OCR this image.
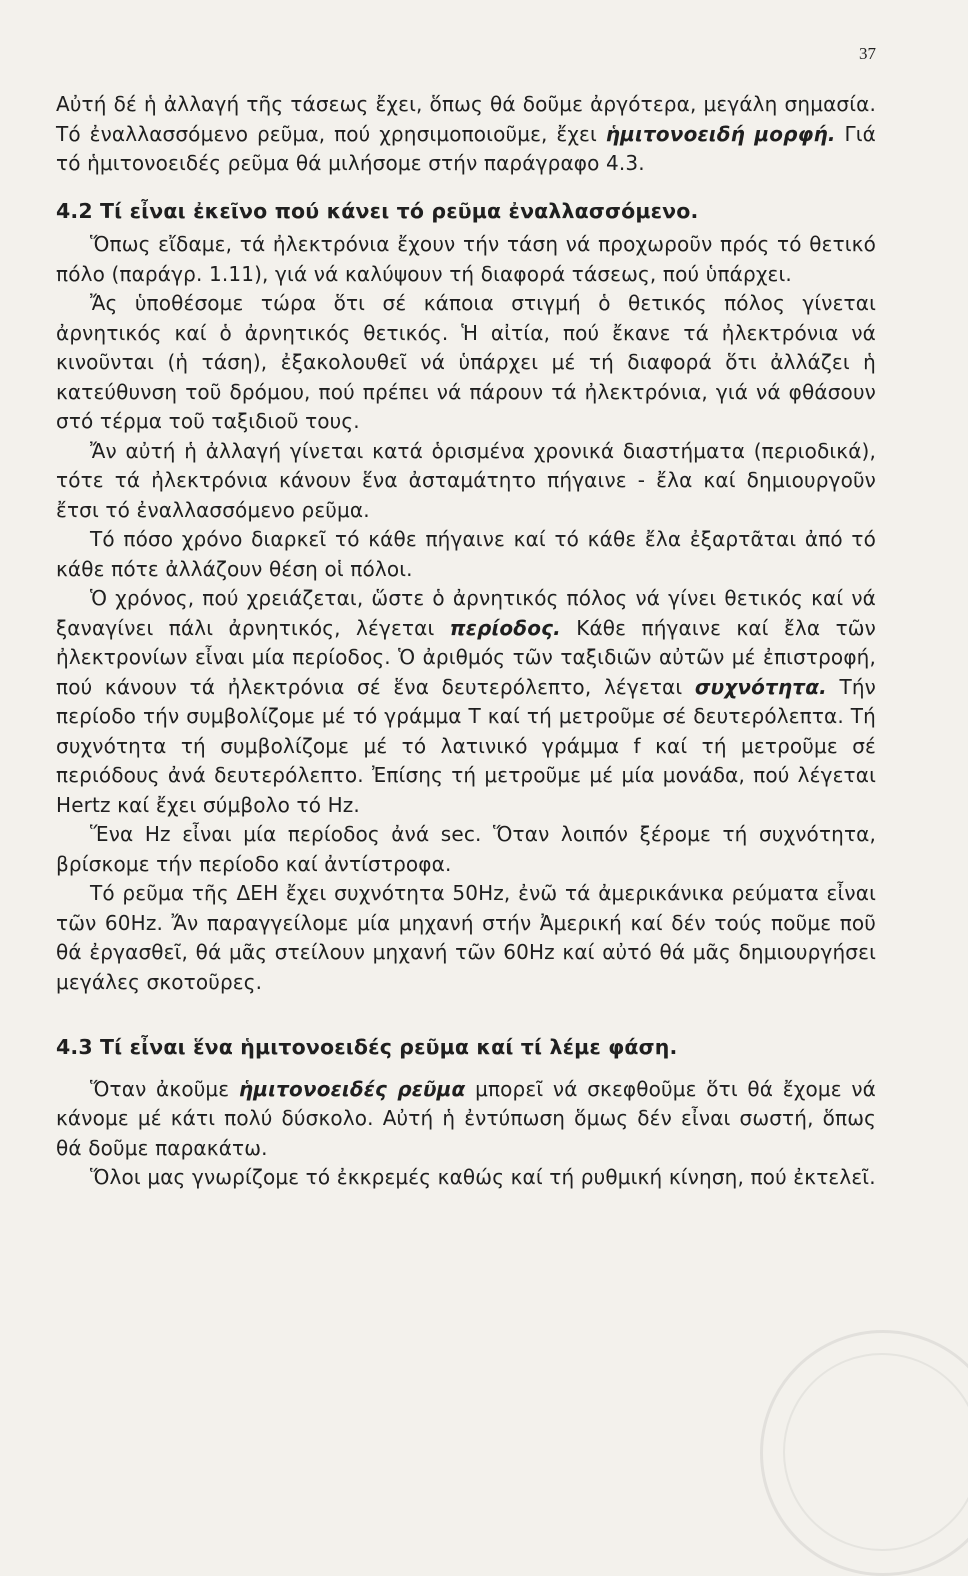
37

Αὐτή δέ ἡ ἀλλαγή τῆς τάσεως ἔχει, ὅπως θά δοῦμε ἀργότερα, μεγάλη σημασία. Τό ἐναλλασσόμενο ρεῦμα, πού χρησιμοποιοῦμε, ἔχει ἡμιτονοειδή μορφή. Γιά τό ἡμιτονοειδές ρεῦμα θά μιλήσομε στήν παράγραφο 4.3.

4.2 Τί εἶναι ἐκεῖνο πού κάνει τό ρεῦμα ἐναλλασσόμενο.

Ὅπως εἴδαμε, τά ἠλεκτρόνια ἔχουν τήν τάση νά προχωροῦν πρός τό θετικό πόλο (παράγρ. 1.11), γιά νά καλύψουν τή διαφορά τάσεως, πού ὑπάρχει.

Ἄς ὑποθέσομε τώρα ὅτι σέ κάποια στιγμή ὁ θετικός πόλος γίνεται ἀρνητικός καί ὁ ἀρνητικός θετικός. Ἡ αἰτία, πού ἔκανε τά ἠλεκτρόνια νά κινοῦνται (ἡ τάση), ἐξακολουθεῖ νά ὑπάρχει μέ τή διαφορά ὅτι ἀλλάζει ἡ κατεύθυνση τοῦ δρόμου, πού πρέπει νά πάρουν τά ἠλεκτρόνια, γιά νά φθάσουν στό τέρμα τοῦ ταξιδιοῦ τους.

Ἄν αὐτή ἡ ἀλλαγή γίνεται κατά ὁρισμένα χρονικά διαστήματα (περιοδικά), τότε τά ἠλεκτρόνια κάνουν ἕνα ἀσταμάτητο πήγαινε - ἔλα καί δημιουργοῦν ἔτσι τό ἐναλλασσόμενο ρεῦμα.

Τό πόσο χρόνο διαρκεῖ τό κάθε πήγαινε καί τό κάθε ἔλα ἐξαρτᾶται ἀπό τό κάθε πότε ἀλλάζουν θέση οἱ πόλοι.

Ὁ χρόνος, πού χρειάζεται, ὥστε ὁ ἀρνητικός πόλος νά γίνει θετικός καί νά ξαναγίνει πάλι ἀρνητικός, λέγεται περίοδος. Κάθε πήγαινε καί ἔλα τῶν ἠλεκτρονίων εἶναι μία περίοδος. Ὁ ἀριθμός τῶν ταξιδιῶν αὐτῶν μέ ἐπιστροφή, πού κάνουν τά ἠλεκτρόνια σέ ἕνα δευτερόλεπτο, λέγεται συχνότητα. Τήν περίοδο τήν συμβολίζομε μέ τό γράμμα Τ καί τή μετροῦμε σέ δευτερόλεπτα. Τή συχνότητα τή συμβολίζομε μέ τό λατινικό γράμμα f καί τή μετροῦμε σέ περιόδους ἀνά δευτερόλεπτο. Ἐπίσης τή μετροῦμε μέ μία μονάδα, πού λέγεται Hertz καί ἔχει σύμβολο τό Hz.

Ἕνα Hz εἶναι μία περίοδος ἀνά sec. Ὅταν λοιπόν ξέρομε τή συχνότητα, βρίσκομε τήν περίοδο καί ἀντίστροφα.

Τό ρεῦμα τῆς ΔΕΗ ἔχει συχνότητα 50Hz, ἐνῶ τά ἀμερικάνικα ρεύματα εἶναι τῶν 60Hz. Ἄν παραγγείλομε μία μηχανή στήν Ἀμερική καί δέν τούς ποῦμε ποῦ θά ἐργασθεῖ, θά μᾶς στείλουν μηχανή τῶν 60Hz καί αὐτό θά μᾶς δημιουργήσει μεγάλες σκοτοῦρες.

4.3 Τί εἶναι ἕνα ἡμιτονοειδές ρεῦμα καί τί λέμε φάση.

Ὅταν ἀκοῦμε ἡμιτονοειδές ρεῦμα μπορεῖ νά σκεφθοῦμε ὅτι θά ἔχομε νά κάνομε μέ κάτι πολύ δύσκολο. Αὐτή ἡ ἐντύπωση ὅμως δέν εἶναι σωστή, ὅπως θά δοῦμε παρακάτω.

Ὅλοι μας γνωρίζομε τό ἐκκρεμές καθώς καί τή ρυθμική κίνηση, πού ἐκτελεῖ.
